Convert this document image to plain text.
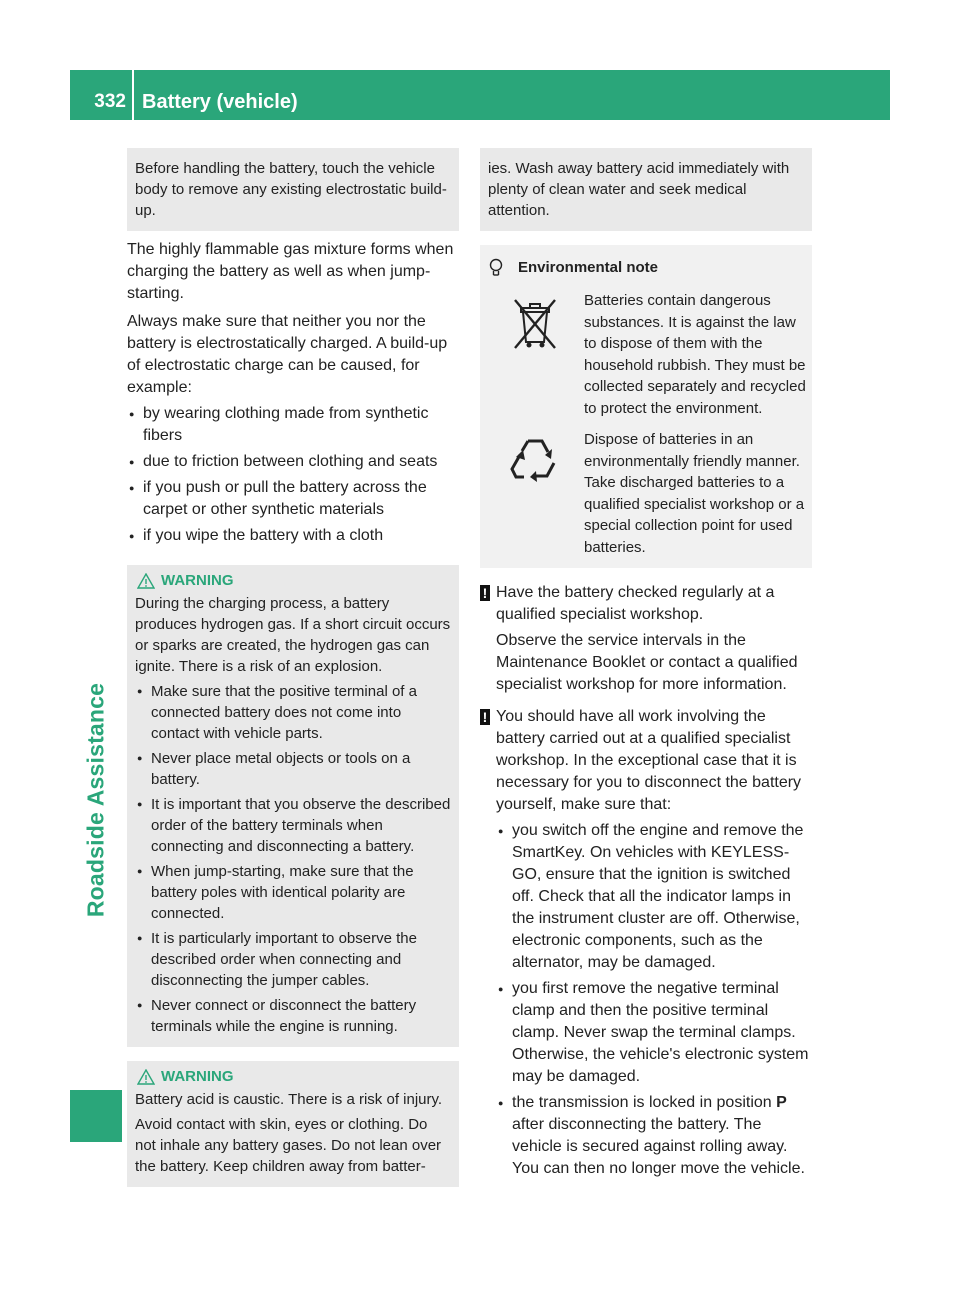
332 Battery (vehicle)
Roadside Assistance
Before handling the battery, touch the vehicle body to remove any existing electrostatic build-up.

The highly flammable gas mixture forms when charging the battery as well as when jump-starting.

Always make sure that neither you nor the battery is electrostatically charged. A build-up of electrostatic charge can be caused, for example:

● by wearing clothing made from synthetic fibers
● due to friction between clothing and seats
● if you push or pull the battery across the carpet or other synthetic materials
● if you wipe the battery with a cloth
WARNING
During the charging process, a battery produces hydrogen gas. If a short circuit occurs or sparks are created, the hydrogen gas can ignite. There is a risk of an explosion.
● Make sure that the positive terminal of a connected battery does not come into contact with vehicle parts.
● Never place metal objects or tools on a battery.
● It is important that you observe the described order of the battery terminals when connecting and disconnecting a battery.
● When jump-starting, make sure that the battery poles with identical polarity are connected.
● It is particularly important to observe the described order when connecting and disconnecting the jumper cables.
● Never connect or disconnect the battery terminals while the engine is running.
WARNING
Battery acid is caustic. There is a risk of injury.
Avoid contact with skin, eyes or clothing. Do not inhale any battery gases. Do not lean over the battery. Keep children away from batter-
ies. Wash away battery acid immediately with plenty of clean water and seek medical attention.
Environmental note
Batteries contain dangerous substances. It is against the law to dispose of them with the household rubbish. They must be collected separately and recycled to protect the environment.
Dispose of batteries in an environmentally friendly manner. Take discharged batteries to a qualified specialist workshop or a special collection point for used batteries.
! Have the battery checked regularly at a qualified specialist workshop.
Observe the service intervals in the Maintenance Booklet or contact a qualified specialist workshop for more information.
! You should have all work involving the battery carried out at a qualified specialist workshop. In the exceptional case that it is necessary for you to disconnect the battery yourself, make sure that:
● you switch off the engine and remove the SmartKey. On vehicles with KEYLESS-GO, ensure that the ignition is switched off. Check that all the indicator lamps in the instrument cluster are off. Otherwise, electronic components, such as the alternator, may be damaged.
● you first remove the negative terminal clamp and then the positive terminal clamp. Never swap the terminal clamps. Otherwise, the vehicle's electronic system may be damaged.
● the transmission is locked in position P after disconnecting the battery. The vehicle is secured against rolling away. You can then no longer move the vehicle.
